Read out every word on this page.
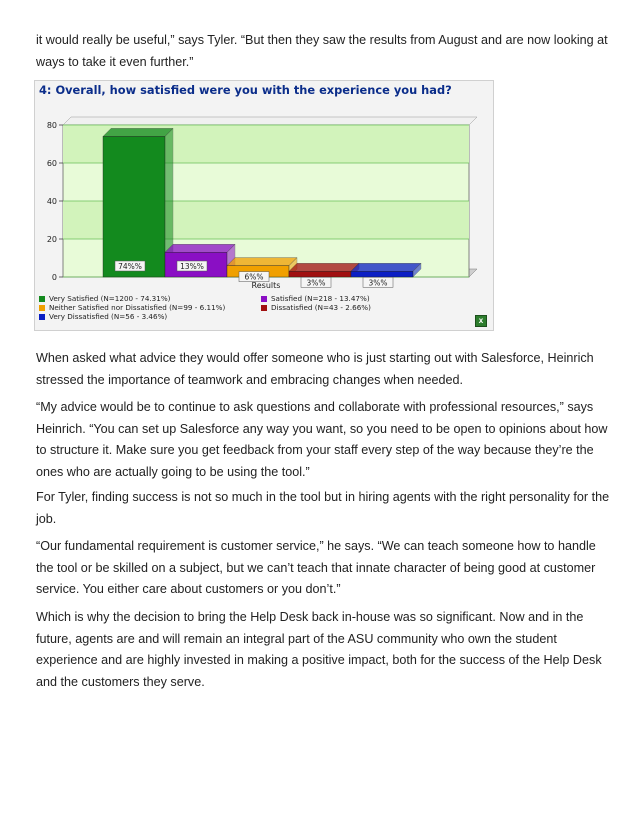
it would really be useful,” says Tyler. “But then they saw the results from August and are now looking at ways to take it even further.”

4: Overall, how satisfied were you with the experience you had?
0
20
40
60
80
74%%	13%%
6%%
3%%	3%%
Results
Very Satisfied (N=1200 - 74.31%)	Satisfied (N=218 - 13.47%)
Neither Satisfied nor Dissatisfied (N=99 - 6.11%)	Dissatisfied (N=43 - 2.66%)
Very Dissatisfied (N=56 - 3.46%)	x

When asked what advice they would offer someone who is just starting out with Salesforce, Heinrich stressed the importance of teamwork and embracing changes when needed.

“My advice would be to continue to ask questions and collaborate with professional resources,” says Heinrich. “You can set up Salesforce any way you want, so you need to be open to opinions about how to structure it. Make sure you get feedback from your staff every step of the way because they’re the ones who are actually going to be using the tool.”

For Tyler, finding success is not so much in the tool but in hiring agents with the right personality for the job.

“Our fundamental requirement is customer service,” he says. “We can teach someone how to handle the tool or be skilled on a subject, but we can’t teach that innate character of being good at customer service. You either care about customers or you don’t.”

Which is why the decision to bring the Help Desk back in-house was so significant. Now and in the future, agents are and will remain an integral part of the ASU community who own the student experience and are highly invested in making a positive impact, both for the success of the Help Desk and the customers they serve.
